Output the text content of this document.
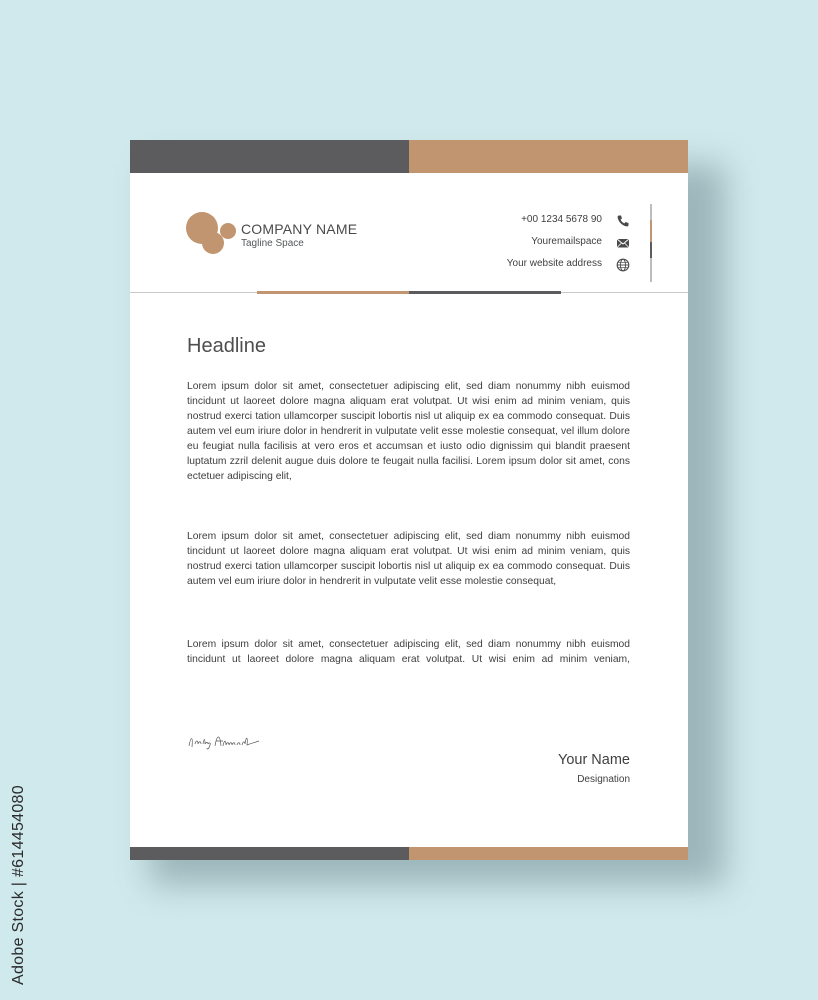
COMPANY NAME
Tagline Space
+00 1234 5678 90
Youremailspace
Your website address
Headline

Lorem ipsum dolor sit amet, consectetuer adipiscing elit, sed diam nonummy nibh euismod tincidunt ut laoreet dolore magna aliquam erat volutpat. Ut wisi enim ad minim veniam, quis nostrud exerci tation ullamcorper suscipit lobortis nisl ut aliquip ex ea commodo consequat. Duis autem vel eum iriure dolor in hendrerit in vulputate velit esse molestie consequat, vel illum dolore eu feugiat nulla facilisis at vero eros et accumsan et iusto odio dignissim qui blandit praesent luptatum zzril delenit augue duis dolore te feugait nulla facilisi. Lorem ipsum dolor sit amet, cons ectetuer adipiscing elit,

Lorem ipsum dolor sit amet, consectetuer adipiscing elit, sed diam nonummy nibh euismod tincidunt ut laoreet dolore magna aliquam erat volutpat. Ut wisi enim ad minim veniam, quis nostrud exerci tation ullamcorper suscipit lobortis nisl ut aliquip ex ea commodo consequat. Duis autem vel eum iriure dolor in hendrerit in vulputate velit esse molestie consequat,

Lorem ipsum dolor sit amet, consectetuer adipiscing elit, sed diam nonummy nibh euismod tincidunt ut laoreet dolore magna aliquam erat volutpat. Ut wisi enim ad minim veniam,

Your Name
Designation
Adobe Stock | #614454080
